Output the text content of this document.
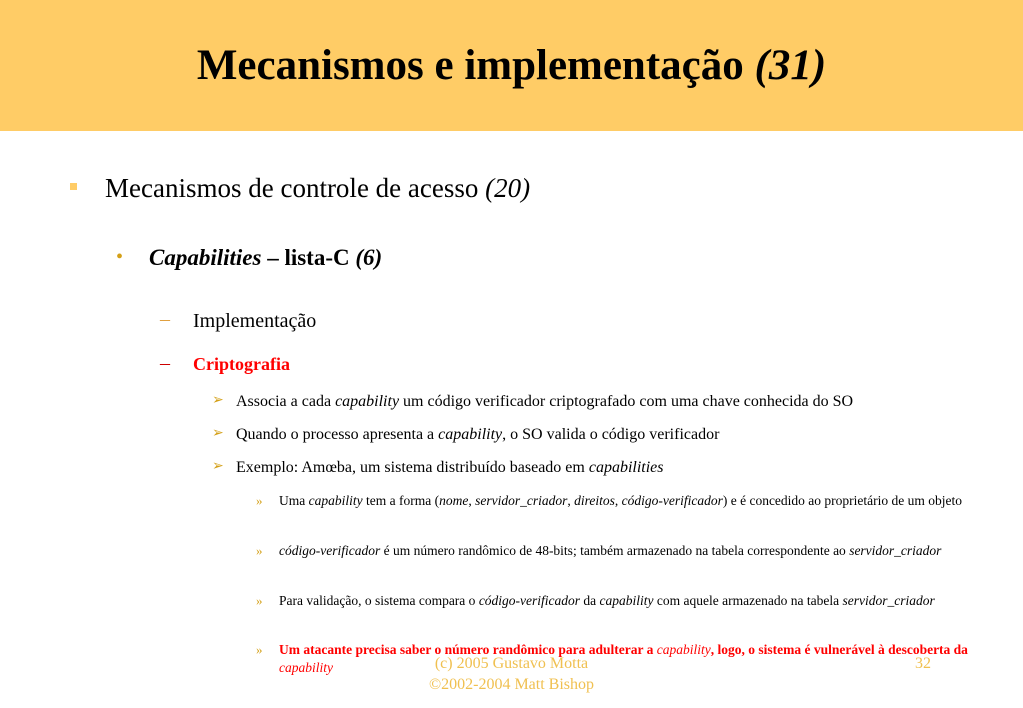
Mecanismos e implementação (31)
Mecanismos de controle de acesso (20)
• Capabilities – lista-C (6)
– Implementação
– Criptografia
➢ Associa a cada capability um código verificador criptografado com uma chave conhecida do SO
➢ Quando o processo apresenta a capability, o SO valida o código verificador
➢ Exemplo: Amœba, um sistema distribuído baseado em capabilities
» Uma capability tem a forma (nome, servidor_criador, direitos, código-verificador) e é concedido ao proprietário de um objeto
» código-verificador é um número randômico de 48-bits; também armazenado na tabela correspondente ao servidor_criador
» Para validação, o sistema compara o código-verificador da capability com aquele armazenado na tabela servidor_criador
» Um atacante precisa saber o número randômico para adulterar a capability, logo, o sistema é vulnerável à descoberta da capability	(c) 2005 Gustavo Motta
©2002-2004 Matt Bishop
32
